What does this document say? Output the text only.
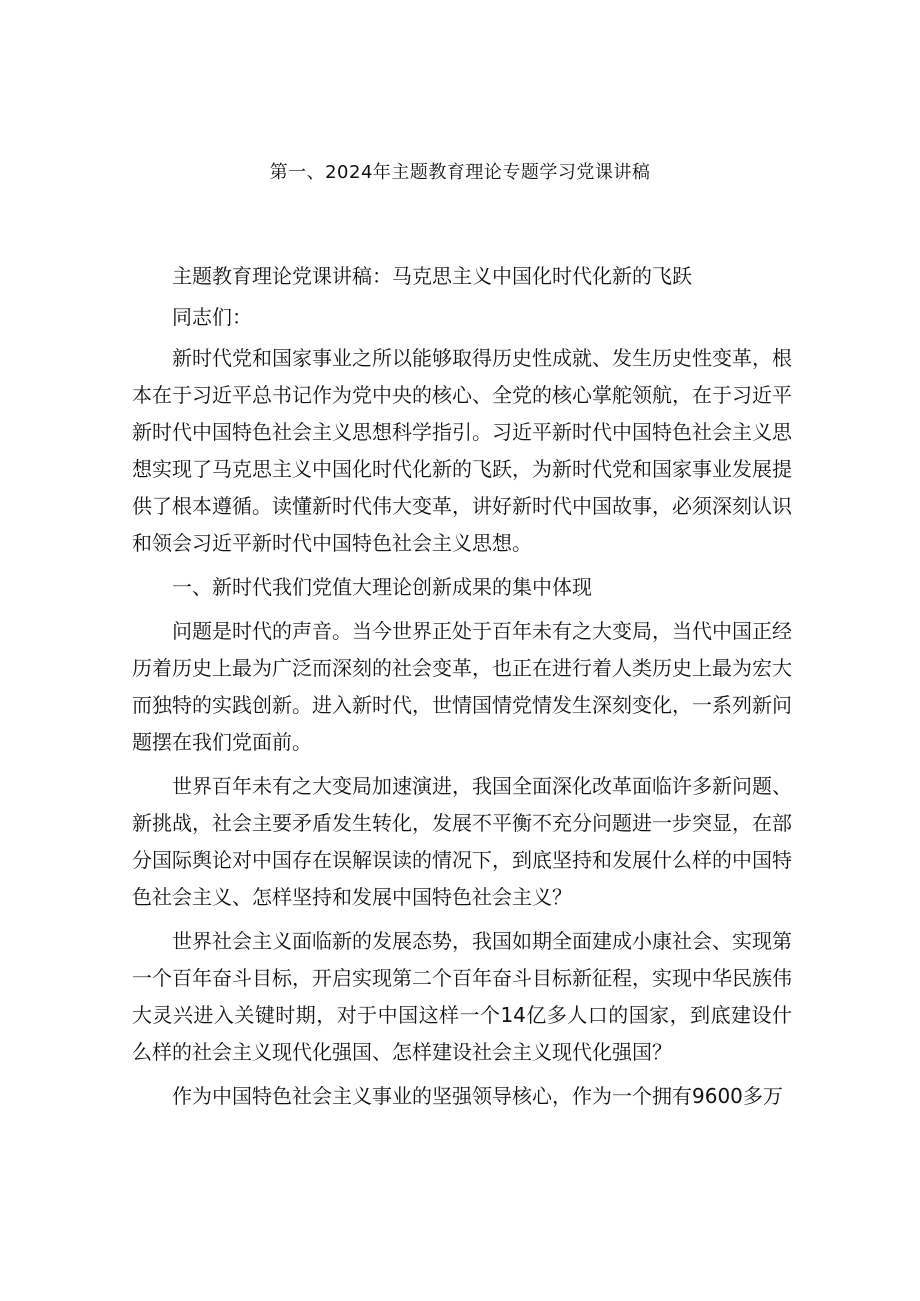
第一、2024年主题教育理论专题学习党课讲稿

主题教育理论党课讲稿：马克思主义中国化时代化新的飞跃

同志们：

新时代党和国家事业之所以能够取得历史性成就、发生历史性变革，根本在于习近平总书记作为党中央的核心、全党的核心掌舵领航，在于习近平新时代中国特色社会主义思想科学指引。习近平新时代中国特色社会主义思想实现了马克思主义中国化时代化新的飞跃，为新时代党和国家事业发展提供了根本遵循。读懂新时代伟大变革，讲好新时代中国故事，必须深刻认识和领会习近平新时代中国特色社会主义思想。

一、新时代我们党值大理论创新成果的集中体现

问题是时代的声音。当今世界正处于百年未有之大变局，当代中国正经历着历史上最为广泛而深刻的社会变革，也正在进行着人类历史上最为宏大而独特的实践创新。进入新时代，世情国情党情发生深刻变化，一系列新问题摆在我们党面前。

世界百年未有之大变局加速演进，我国全面深化改革面临许多新问题、新挑战，社会主要矛盾发生转化，发展不平衡不充分问题进一步突显，在部分国际舆论对中国存在误解误读的情况下，到底坚持和发展什么样的中国特色社会主义、怎样坚持和发展中国特色社会主义？

世界社会主义面临新的发展态势，我国如期全面建成小康社会、实现第一个百年奋斗目标，开启实现第二个百年奋斗目标新征程，实现中华民族伟大灵兴进入关键时期，对于中国这样一个14亿多人口的国家，到底建设什么样的社会主义现代化强国、怎样建设社会主义现代化强国？

作为中国特色社会主义事业的坚强领导核心，作为一个拥有9600多万
